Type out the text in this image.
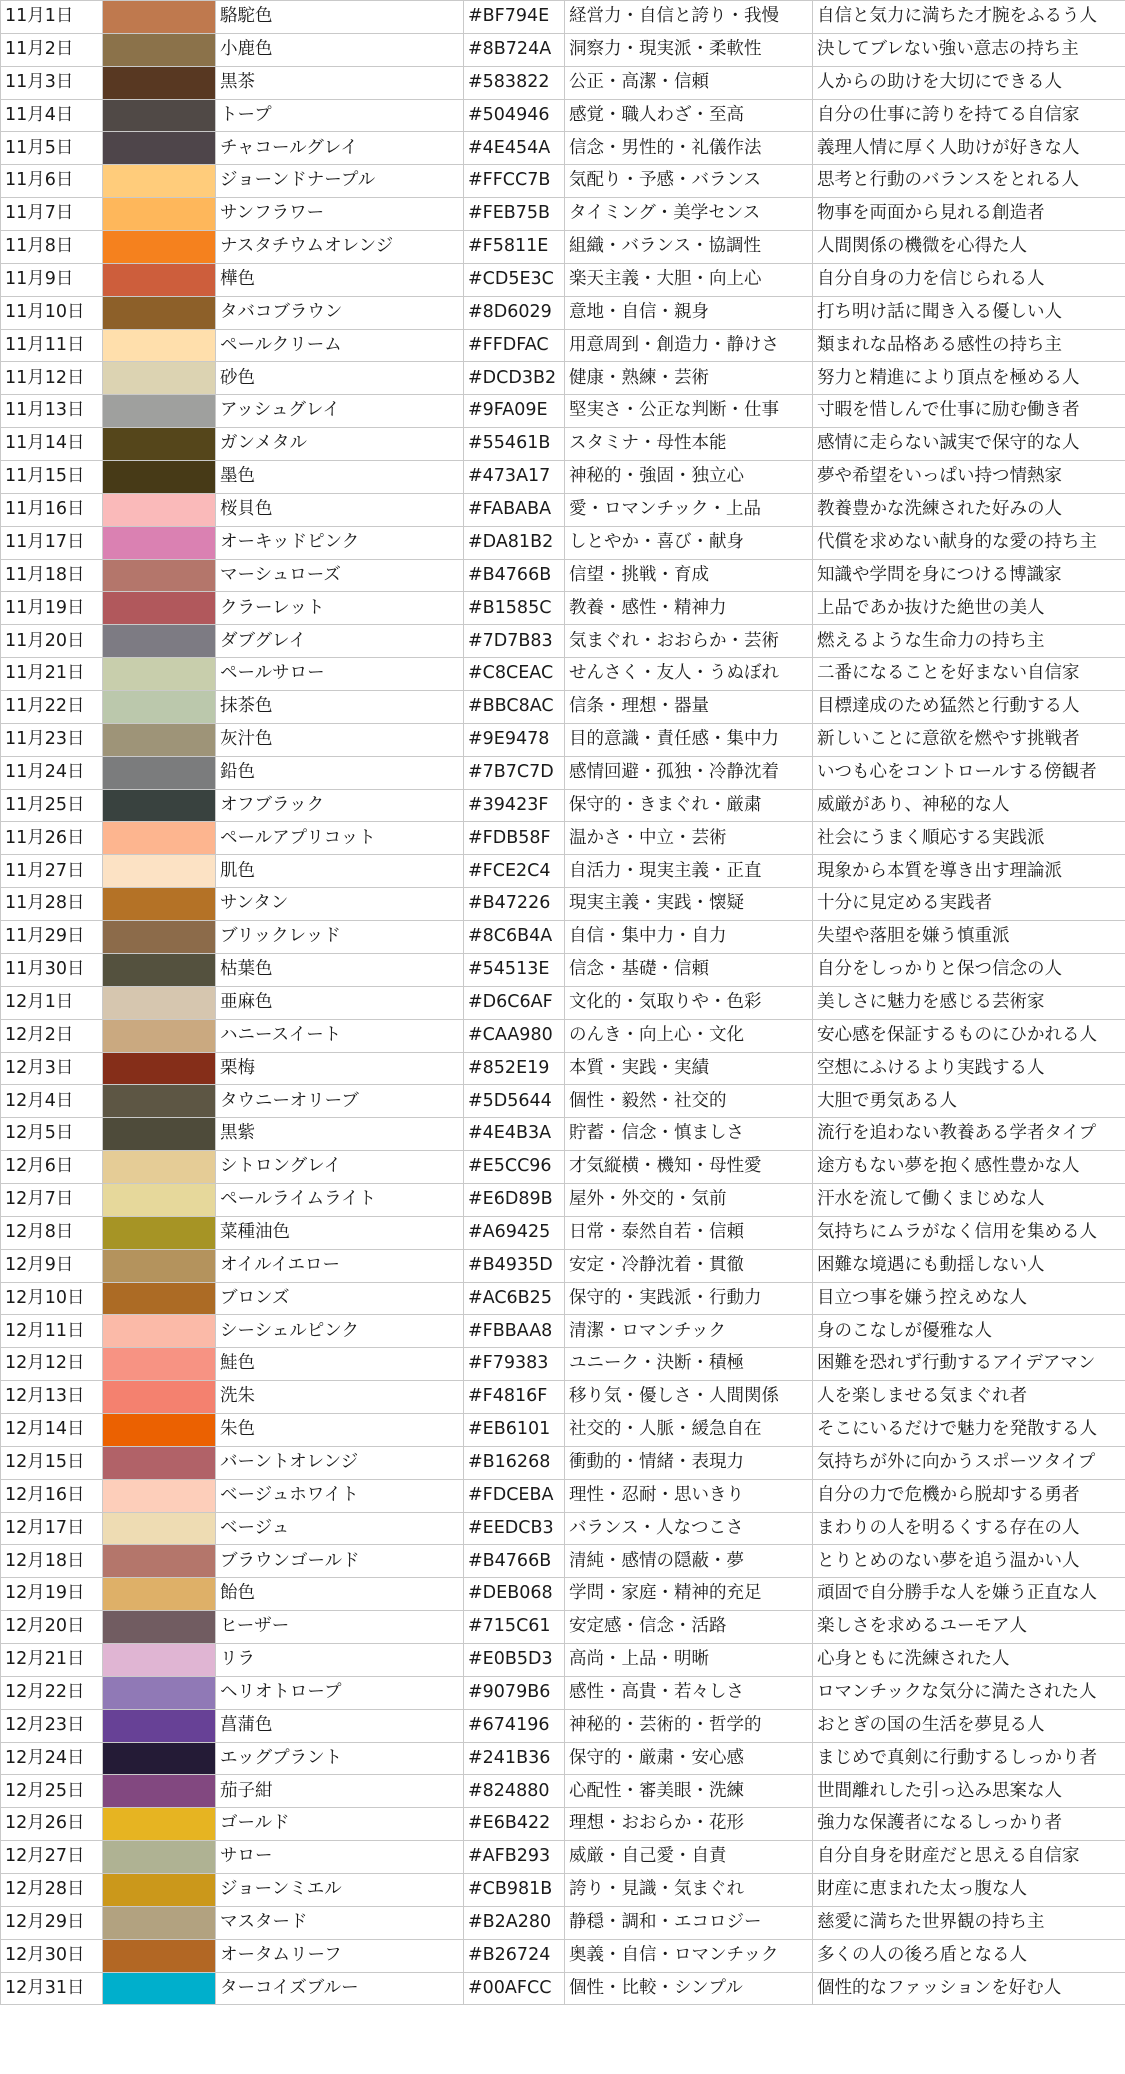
11月1日		駱駝色	#BF794E	経営力・自信と誇り・我慢	自信と気力に満ちた才腕をふるう人
11月2日		小鹿色	#8B724A	洞察力・現実派・柔軟性	決してブレない強い意志の持ち主
11月3日		黒茶	#583822	公正・高潔・信頼	人からの助けを大切にできる人
11月4日		トープ	#504946	感覚・職人わざ・至高	自分の仕事に誇りを持てる自信家
11月5日		チャコールグレイ	#4E454A	信念・男性的・礼儀作法	義理人情に厚く人助けが好きな人
11月6日		ジョーンドナープル	#FFCC7B	気配り・予感・バランス	思考と行動のバランスをとれる人
11月7日		サンフラワー	#FEB75B	タイミング・美学センス	物事を両面から見れる創造者
11月8日		ナスタチウムオレンジ	#F5811E	組織・バランス・協調性	人間関係の機微を心得た人
11月9日		樺色	#CD5E3C	楽天主義・大胆・向上心	自分自身の力を信じられる人
11月10日		タバコブラウン	#8D6029	意地・自信・親身	打ち明け話に聞き入る優しい人
11月11日		ペールクリーム	#FFDFAC	用意周到・創造力・静けさ	類まれな品格ある感性の持ち主
11月12日		砂色	#DCD3B2	健康・熟練・芸術	努力と精進により頂点を極める人
11月13日		アッシュグレイ	#9FA09E	堅実さ・公正な判断・仕事	寸暇を惜しんで仕事に励む働き者
11月14日		ガンメタル	#55461B	スタミナ・母性本能	感情に走らない誠実で保守的な人
11月15日		墨色	#473A17	神秘的・強固・独立心	夢や希望をいっぱい持つ情熱家
11月16日		桜貝色	#FABABA	愛・ロマンチック・上品	教養豊かな洗練された好みの人
11月17日		オーキッドピンク	#DA81B2	しとやか・喜び・献身	代償を求めない献身的な愛の持ち主
11月18日		マーシュローズ	#B4766B	信望・挑戦・育成	知識や学問を身につける博識家
11月19日		クラーレット	#B1585C	教養・感性・精神力	上品であか抜けた絶世の美人
11月20日		ダブグレイ	#7D7B83	気まぐれ・おおらか・芸術	燃えるような生命力の持ち主
11月21日		ペールサロー	#C8CEAC	せんさく・友人・うぬぼれ	二番になることを好まない自信家
11月22日		抹茶色	#BBC8AC	信条・理想・器量	目標達成のため猛然と行動する人
11月23日		灰汁色	#9E9478	目的意識・責任感・集中力	新しいことに意欲を燃やす挑戦者
11月24日		鉛色	#7B7C7D	感情回避・孤独・冷静沈着	いつも心をコントロールする傍観者
11月25日		オフブラック	#39423F	保守的・きまぐれ・厳粛	威厳があり、神秘的な人
11月26日		ペールアプリコット	#FDB58F	温かさ・中立・芸術	社会にうまく順応する実践派
11月27日		肌色	#FCE2C4	自活力・現実主義・正直	現象から本質を導き出す理論派
11月28日		サンタン	#B47226	現実主義・実践・懐疑	十分に見定める実践者
11月29日		ブリックレッド	#8C6B4A	自信・集中力・自力	失望や落胆を嫌う慎重派
11月30日		枯葉色	#54513E	信念・基礎・信頼	自分をしっかりと保つ信念の人
12月1日		亜麻色	#D6C6AF	文化的・気取りや・色彩	美しさに魅力を感じる芸術家
12月2日		ハニースイート	#CAA980	のんき・向上心・文化	安心感を保証するものにひかれる人
12月3日		栗梅	#852E19	本質・実践・実績	空想にふけるより実践する人
12月4日		タウニーオリーブ	#5D5644	個性・毅然・社交的	大胆で勇気ある人
12月5日		黒紫	#4E4B3A	貯蓄・信念・慎ましさ	流行を追わない教養ある学者タイプ
12月6日		シトロングレイ	#E5CC96	才気縦横・機知・母性愛	途方もない夢を抱く感性豊かな人
12月7日		ペールライムライト	#E6D89B	屋外・外交的・気前	汗水を流して働くまじめな人
12月8日		菜種油色	#A69425	日常・泰然自若・信頼	気持ちにムラがなく信用を集める人
12月9日		オイルイエロー	#B4935D	安定・冷静沈着・貫徹	困難な境遇にも動揺しない人
12月10日		ブロンズ	#AC6B25	保守的・実践派・行動力	目立つ事を嫌う控えめな人
12月11日		シーシェルピンク	#FBBAA8	清潔・ロマンチック	身のこなしが優雅な人
12月12日		鮭色	#F79383	ユニーク・決断・積極	困難を恐れず行動するアイデアマン
12月13日		洗朱	#F4816F	移り気・優しさ・人間関係	人を楽しませる気まぐれ者
12月14日		朱色	#EB6101	社交的・人脈・緩急自在	そこにいるだけで魅力を発散する人
12月15日		バーントオレンジ	#B16268	衝動的・情緒・表現力	気持ちが外に向かうスポーツタイプ
12月16日		ベージュホワイト	#FDCEBA	理性・忍耐・思いきり	自分の力で危機から脱却する勇者
12月17日		ベージュ	#EEDCB3	バランス・人なつこさ	まわりの人を明るくする存在の人
12月18日		ブラウンゴールド	#B4766B	清純・感情の隠蔽・夢	とりとめのない夢を追う温かい人
12月19日		飴色	#DEB068	学問・家庭・精神的充足	頑固で自分勝手な人を嫌う正直な人
12月20日		ヒーザー	#715C61	安定感・信念・活路	楽しさを求めるユーモア人
12月21日		リラ	#E0B5D3	高尚・上品・明晰	心身ともに洗練された人
12月22日		ヘリオトロープ	#9079B6	感性・高貴・若々しさ	ロマンチックな気分に満たされた人
12月23日		菖蒲色	#674196	神秘的・芸術的・哲学的	おとぎの国の生活を夢見る人
12月24日		エッグプラント	#241B36	保守的・厳粛・安心感	まじめで真剣に行動するしっかり者
12月25日		茄子紺	#824880	心配性・審美眼・洗練	世間離れした引っ込み思案な人
12月26日		ゴールド	#E6B422	理想・おおらか・花形	強力な保護者になるしっかり者
12月27日		サロー	#AFB293	威厳・自己愛・自責	自分自身を財産だと思える自信家
12月28日		ジョーンミエル	#CB981B	誇り・見識・気まぐれ	財産に恵まれた太っ腹な人
12月29日		マスタード	#B2A280	静穏・調和・エコロジー	慈愛に満ちた世界観の持ち主
12月30日		オータムリーフ	#B26724	奥義・自信・ロマンチック	多くの人の後ろ盾となる人
12月31日		ターコイズブルー	#00AFCC	個性・比較・シンプル	個性的なファッションを好む人
